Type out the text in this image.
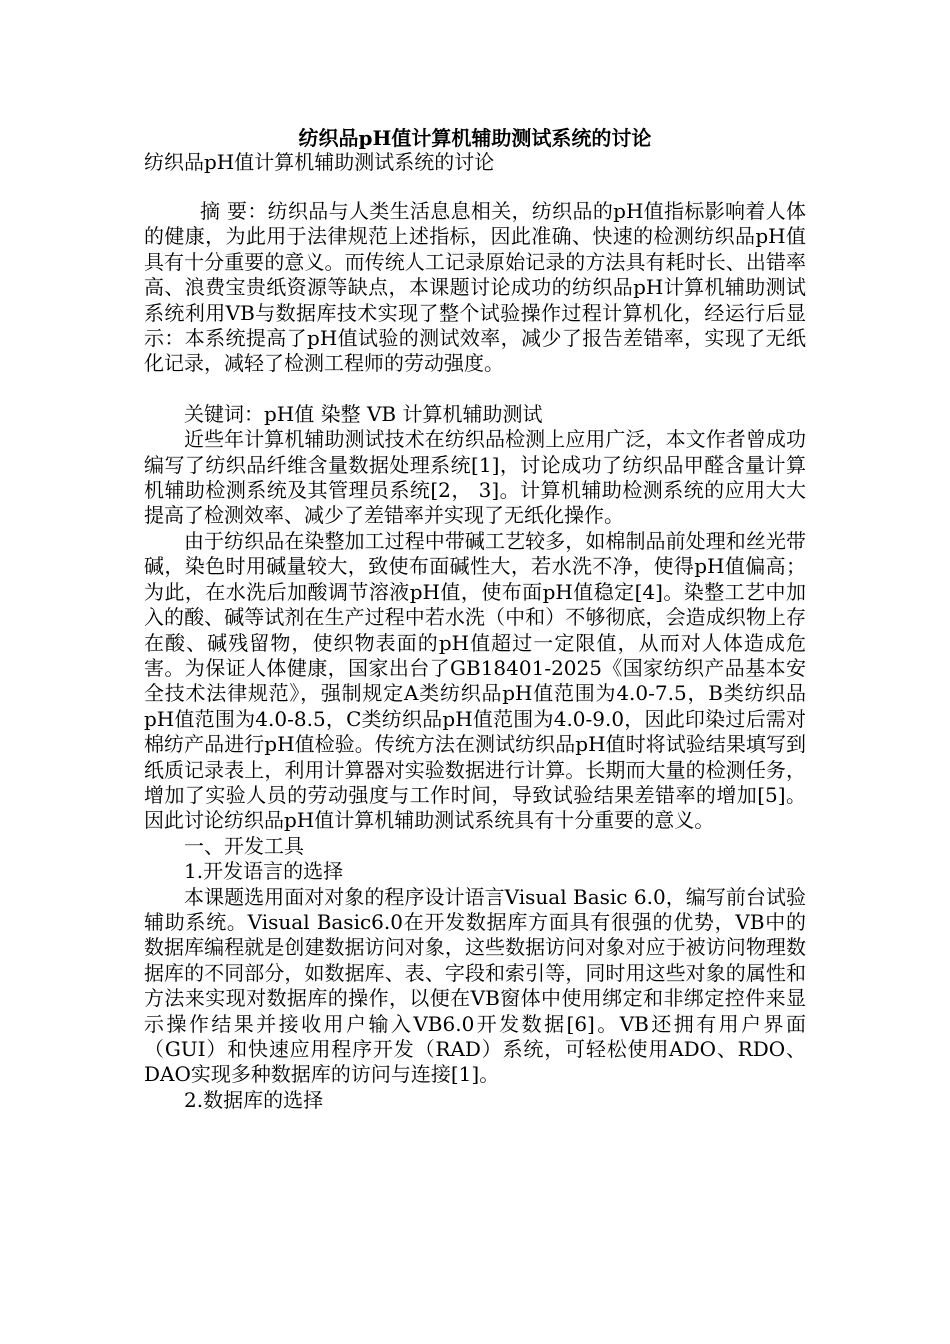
纺织品pH值计算机辅助测试系统的讨论
纺织品pH值计算机辅助测试系统的讨论

摘 要：纺织品与人类生活息息相关，纺织品的pH值指标影响着人体的健康，为此用于法律规范上述指标，因此准确、快速的检测纺织品pH值具有十分重要的意义。而传统人工记录原始记录的方法具有耗时长、出错率高、浪费宝贵纸资源等缺点，本课题讨论成功的纺织品pH计算机辅助测试系统利用VB与数据库技术实现了整个试验操作过程计算机化，经运行后显示：本系统提高了pH值试验的测试效率，减少了报告差错率，实现了无纸化记录，减轻了检测工程师的劳动强度。

关键词：pH值 染整 VB 计算机辅助测试

近些年计算机辅助测试技术在纺织品检测上应用广泛，本文作者曾成功编写了纺织品纤维含量数据处理系统[1]，讨论成功了纺织品甲醛含量计算机辅助检测系统及其管理员系统[2， 3]。计算机辅助检测系统的应用大大提高了检测效率、减少了差错率并实现了无纸化操作。

由于纺织品在染整加工过程中带碱工艺较多，如棉制品前处理和丝光带碱，染色时用碱量较大，致使布面碱性大，若水洗不净，使得pH值偏高；为此，在水洗后加酸调节溶液pH值，使布面pH值稳定[4]。染整工艺中加入的酸、碱等试剂在生产过程中若水洗（中和）不够彻底，会造成织物上存在酸、碱残留物，使织物表面的pH值超过一定限值，从而对人体造成危害。为保证人体健康，国家出台了GB18401-2025《国家纺织产品基本安全技术法律规范》，强制规定A类纺织品pH值范围为4.0-7.5，B类纺织品pH值范围为4.0-8.5，C类纺织品pH值范围为4.0-9.0，因此印染过后需对棉纺产品进行pH值检验。传统方法在测试纺织品pH值时将试验结果填写到纸质记录表上，利用计算器对实验数据进行计算。长期而大量的检测任务，增加了实验人员的劳动强度与工作时间，导致试验结果差错率的增加[5]。因此讨论纺织品pH值计算机辅助测试系统具有十分重要的意义。

一、开发工具

1.开发语言的选择

本课题选用面对对象的程序设计语言Visual Basic 6.0，编写前台试验辅助系统。Visual Basic6.0在开发数据库方面具有很强的优势，VB中的数据库编程就是创建数据访问对象，这些数据访问对象对应于被访问物理数据库的不同部分，如数据库、表、字段和索引等，同时用这些对象的属性和方法来实现对数据库的操作，以便在VB窗体中使用绑定和非绑定控件来显示操作结果并接收用户输入VB6.0开发数据[6]。VB还拥有用户界面（GUI）和快速应用程序开发（RAD）系统，可轻松使用ADO、RDO、DAO实现多种数据库的访问与连接[1]。

2.数据库的选择
